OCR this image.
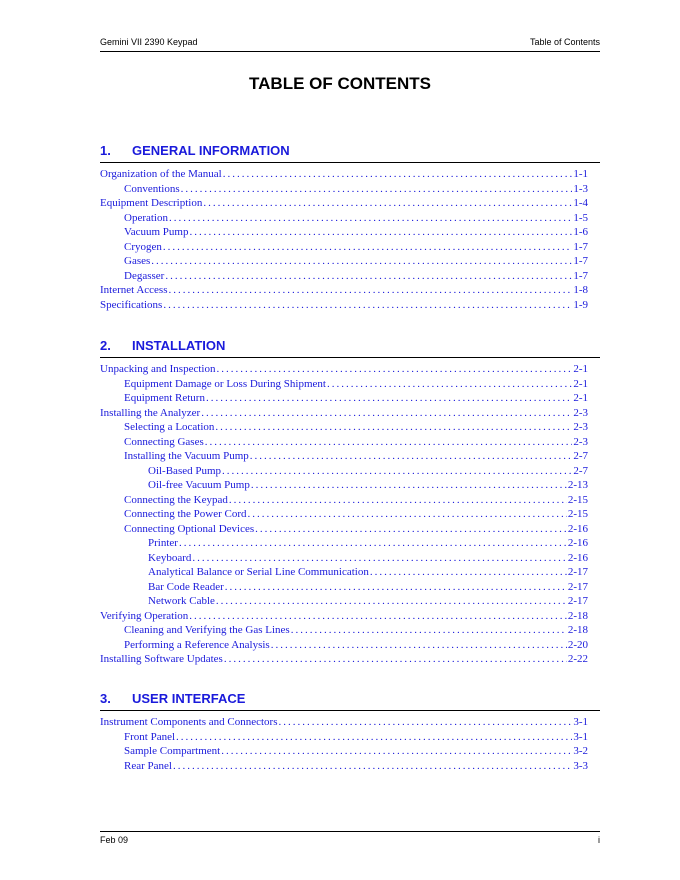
Gemini VII 2390 Keypad	Table of Contents
TABLE OF CONTENTS
1.	GENERAL INFORMATION
Organization of the Manual .....	1-1
Conventions .....	1-3
Equipment Description .....	1-4
Operation .....	1-5
Vacuum Pump .....	1-6
Cryogen .....	1-7
Gases .....	1-7
Degasser .....	1-7
Internet Access .....	1-8
Specifications .....	1-9
2.	INSTALLATION
Unpacking and Inspection .....	2-1
Equipment Damage or Loss During Shipment .....	2-1
Equipment Return .....	2-1
Installing the Analyzer .....	2-3
Selecting a Location .....	2-3
Connecting Gases .....	2-3
Installing the Vacuum Pump .....	2-7
Oil-Based Pump .....	2-7
Oil-free Vacuum Pump .....	2-13
Connecting the Keypad .....	2-15
Connecting the Power Cord .....	2-15
Connecting Optional Devices .....	2-16
Printer .....	2-16
Keyboard .....	2-16
Analytical Balance or Serial Line Communication .....	2-17
Bar Code Reader .....	2-17
Network Cable .....	2-17
Verifying Operation .....	2-18
Cleaning and Verifying the Gas Lines .....	2-18
Performing a Reference Analysis .....	2-20
Installing Software Updates .....	2-22
3.	USER INTERFACE
Instrument Components and Connectors .....	3-1
Front Panel .....	3-1
Sample Compartment .....	3-2
Rear Panel .....	3-3
Feb 09	i
